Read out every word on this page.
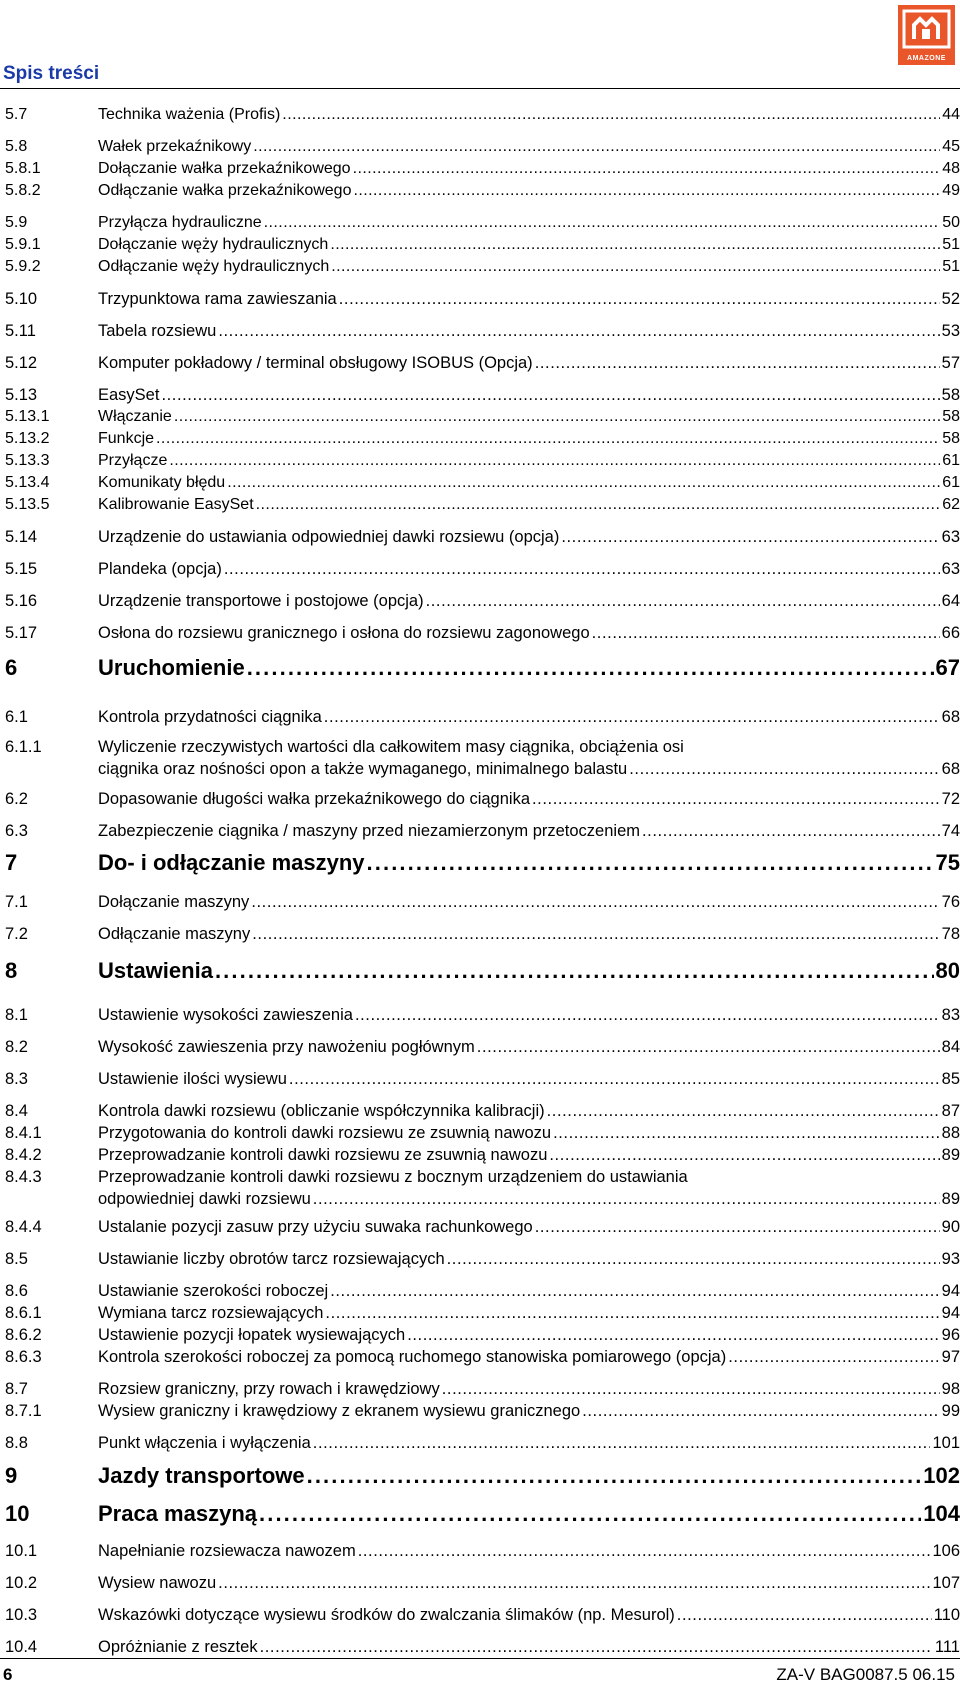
Spis treści
AMAZONE
5.7	Technika ważenia (Profis) . . .	44
5.8	Wałek przekaźnikowy . . .	45
5.8.1	Dołączanie wałka przekaźnikowego . . .	48
5.8.2	Odłączanie wałka przekaźnikowego . . .	49
5.9	Przyłącza hydrauliczne . . .	50
5.9.1	Dołączanie węży hydraulicznych . . .	51
5.9.2	Odłączanie węży hydraulicznych . . .	51
5.10	Trzypunktowa rama zawieszania . . .	52
5.11	Tabela rozsiewu . . .	53
5.12	Komputer pokładowy / terminal obsługowy ISOBUS (Opcja) . . .	57
5.13	EasySet . . .	58
5.13.1	Włączanie . . .	58
5.13.2	Funkcje . . .	58
5.13.3	Przyłącze . . .	61
5.13.4	Komunikaty błędu . . .	61
5.13.5	Kalibrowanie EasySet . . .	62
5.14	Urządzenie do ustawiania odpowiedniej dawki rozsiewu (opcja) . . .	63
5.15	Plandeka (opcja) . . .	63
5.16	Urządzenie transportowe i postojowe (opcja) . . .	64
5.17	Osłona do rozsiewu granicznego i osłona do rozsiewu zagonowego . . .	66
6	Uruchomienie . . .	67
6.1	Kontrola przydatności ciągnika . . .	68
6.1.1	Wyliczenie rzeczywistych wartości dla całkowitem masy ciągnika, obciążenia osi
ciągnika oraz nośności opon a także wymaganego, minimalnego balastu . . .	68
6.2	Dopasowanie długości wałka przekaźnikowego do ciągnika . . .	72
6.3	Zabezpieczenie ciągnika / maszyny przed niezamierzonym przetoczeniem . . .	74
7	Do- i odłączanie maszyny . . .	75
7.1	Dołączanie maszyny . . .	76
7.2	Odłączanie maszyny . . .	78
8	Ustawienia . . .	80
8.1	Ustawienie wysokości zawieszenia . . .	83
8.2	Wysokość zawieszenia przy nawożeniu pogłównym . . .	84
8.3	Ustawienie ilości wysiewu . . .	85
8.4	Kontrola dawki rozsiewu (obliczanie współczynnika kalibracji) . . .	87
8.4.1	Przygotowania do kontroli dawki rozsiewu ze zsuwnią nawozu . . .	88
8.4.2	Przeprowadzanie kontroli dawki rozsiewu ze zsuwnią nawozu . . .	89
8.4.3	Przeprowadzanie kontroli dawki rozsiewu z bocznym urządzeniem do ustawiania
odpowiedniej dawki rozsiewu . . .	89
8.4.4	Ustalanie pozycji zasuw przy użyciu suwaka rachunkowego . . .	90
8.5	Ustawianie liczby obrotów tarcz rozsiewających . . .	93
8.6	Ustawianie szerokości roboczej . . .	94
8.6.1	Wymiana tarcz rozsiewających . . .	94
8.6.2	Ustawienie pozycji łopatek wysiewających . . .	96
8.6.3	Kontrola szerokości roboczej za pomocą ruchomego stanowiska pomiarowego (opcja) . . .	97
8.7	Rozsiew graniczny, przy rowach i krawędziowy . . .	98
8.7.1	Wysiew graniczny i krawędziowy z ekranem wysiewu granicznego . . .	99
8.8	Punkt włączenia i wyłączenia . . .	101
9	Jazdy transportowe . . .	102
10	Praca maszyną . . .	104
10.1	Napełnianie rozsiewacza nawozem . . .	106
10.2	Wysiew nawozu . . .	107
10.3	Wskazówki dotyczące wysiewu środków do zwalczania ślimaków (np. Mesurol) . . .	110
10.4	Opróżnianie z resztek . . .	111
6	ZA-V BAG0087.5 06.15
